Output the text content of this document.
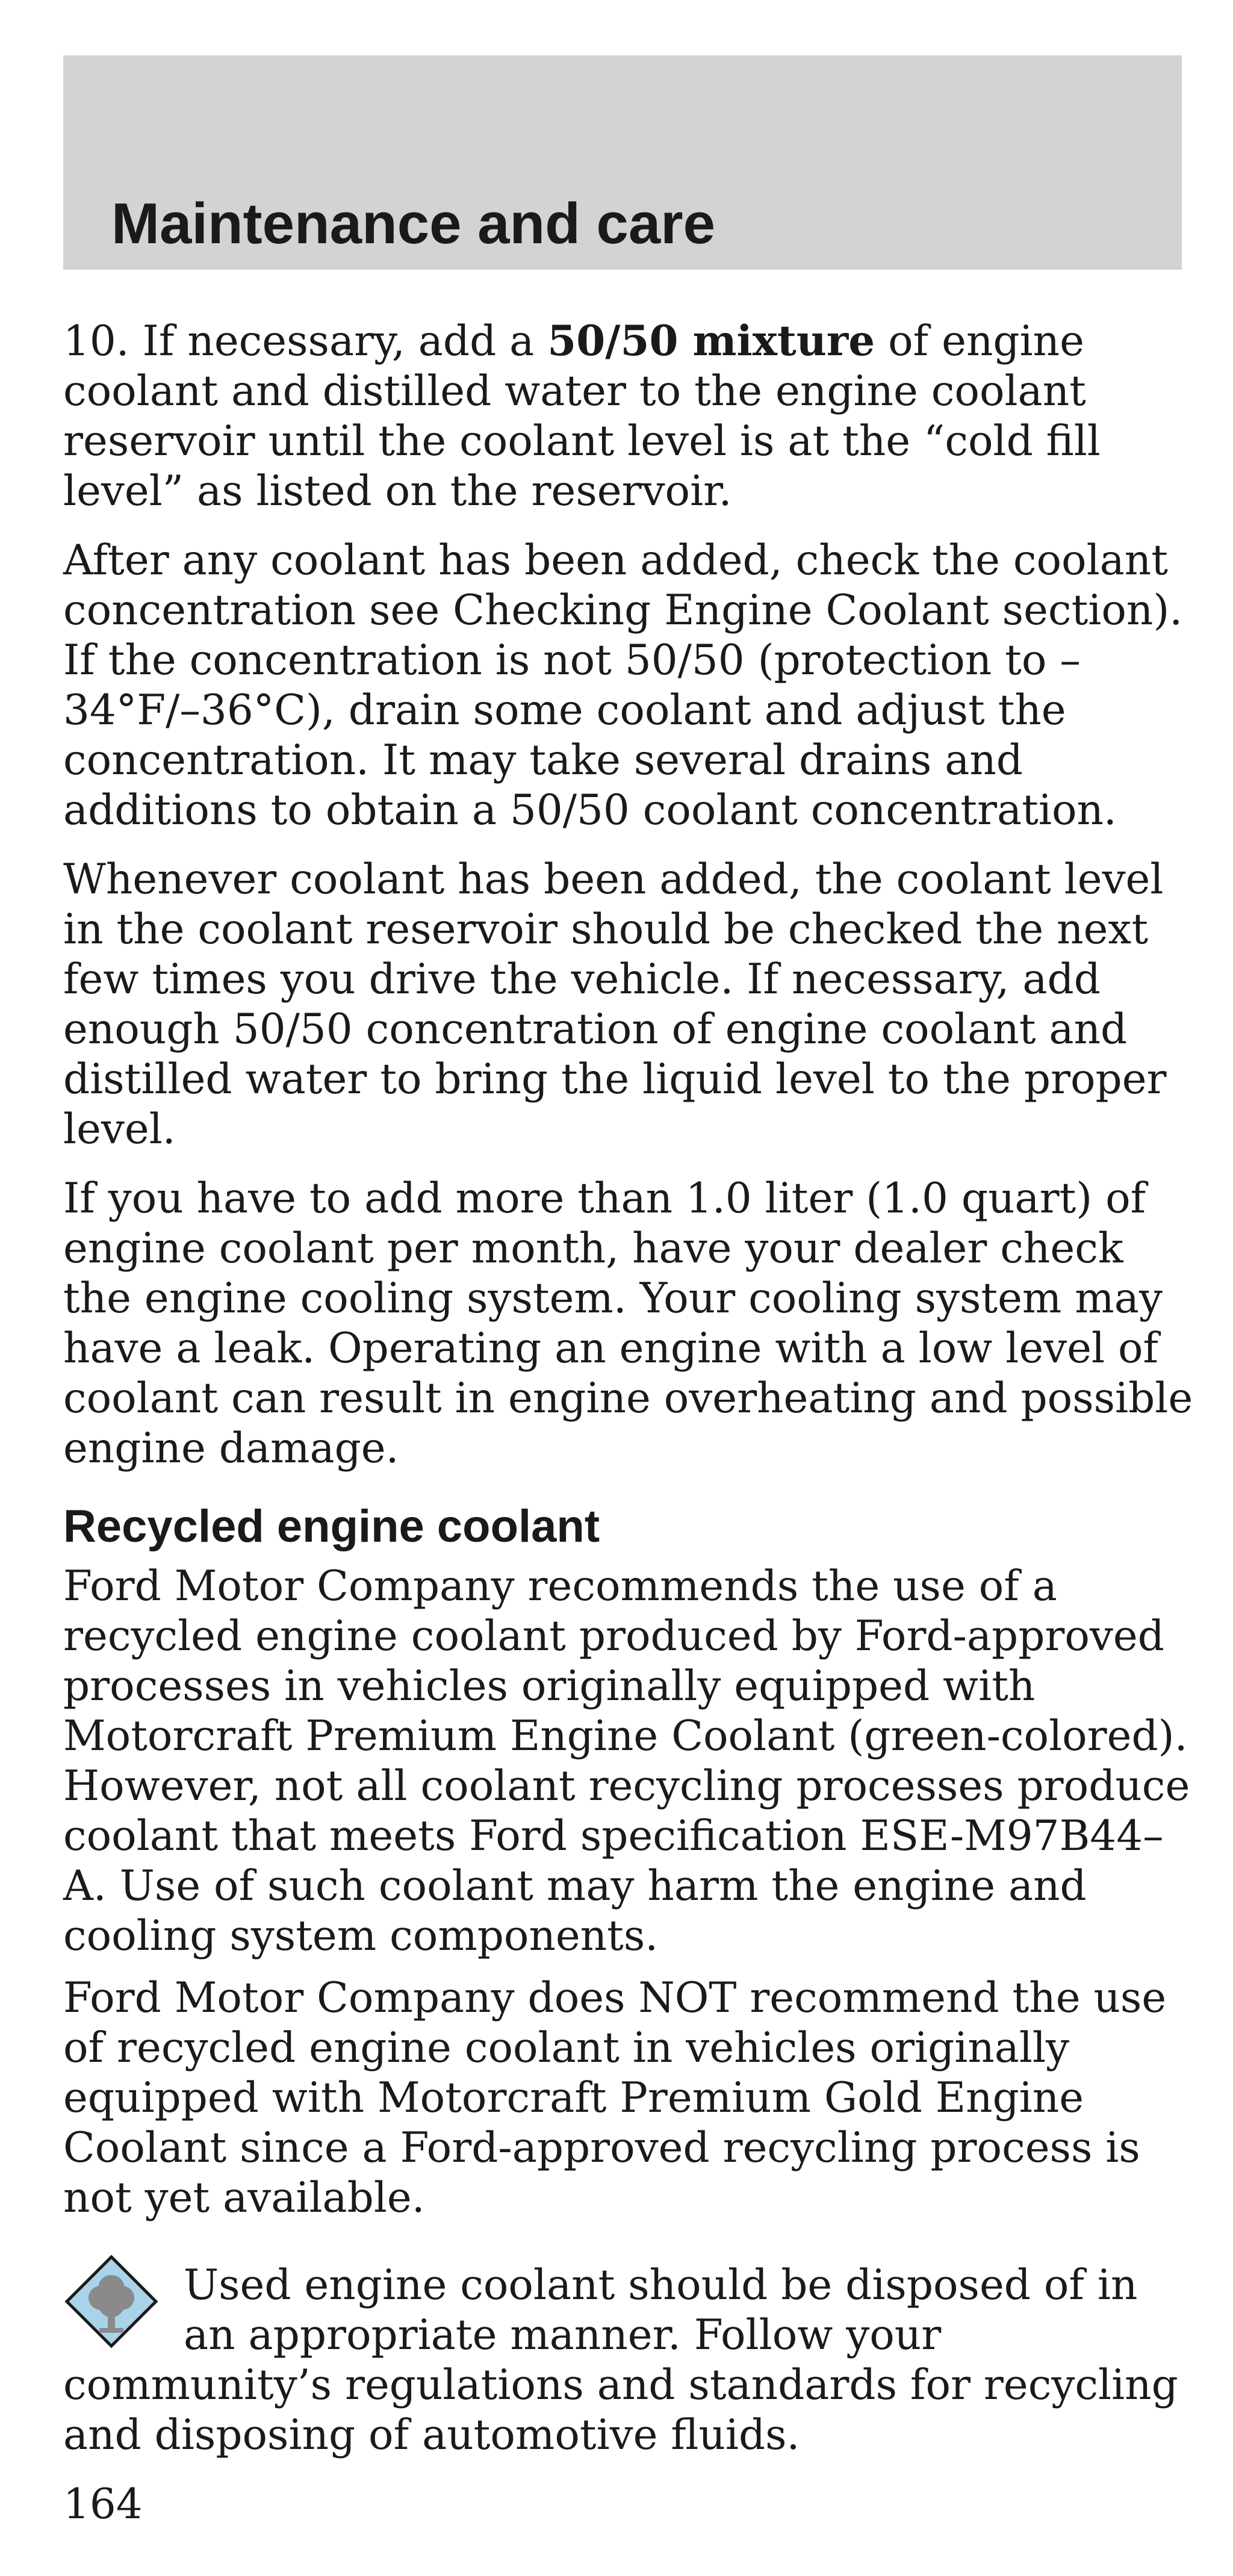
Maintenance and care

10. If necessary, add a 50/50 mixture of engine coolant and distilled water to the engine coolant reservoir until the coolant level is at the “cold fill level” as listed on the reservoir.

After any coolant has been added, check the coolant concentration see Checking Engine Coolant section). If the concentration is not 50/50 (protection to –34°F/–36°C), drain some coolant and adjust the concentration. It may take several drains and additions to obtain a 50/50 coolant concentration.

Whenever coolant has been added, the coolant level in the coolant reservoir should be checked the next few times you drive the vehicle. If necessary, add enough 50/50 concentration of engine coolant and distilled water to bring the liquid level to the proper level.

If you have to add more than 1.0 liter (1.0 quart) of engine coolant per month, have your dealer check the engine cooling system. Your cooling system may have a leak. Operating an engine with a low level of coolant can result in engine overheating and possible engine damage.

Recycled engine coolant

Ford Motor Company recommends the use of a recycled engine coolant produced by Ford-approved processes in vehicles originally equipped with Motorcraft Premium Engine Coolant (green-colored). However, not all coolant recycling processes produce coolant that meets Ford specification ESE-M97B44–A. Use of such coolant may harm the engine and cooling system components.

Ford Motor Company does NOT recommend the use of recycled engine coolant in vehicles originally equipped with Motorcraft Premium Gold Engine Coolant since a Ford-approved recycling process is not yet available.

Used engine coolant should be disposed of in an appropriate manner. Follow your community’s regulations and standards for recycling and disposing of automotive fluids.
164
